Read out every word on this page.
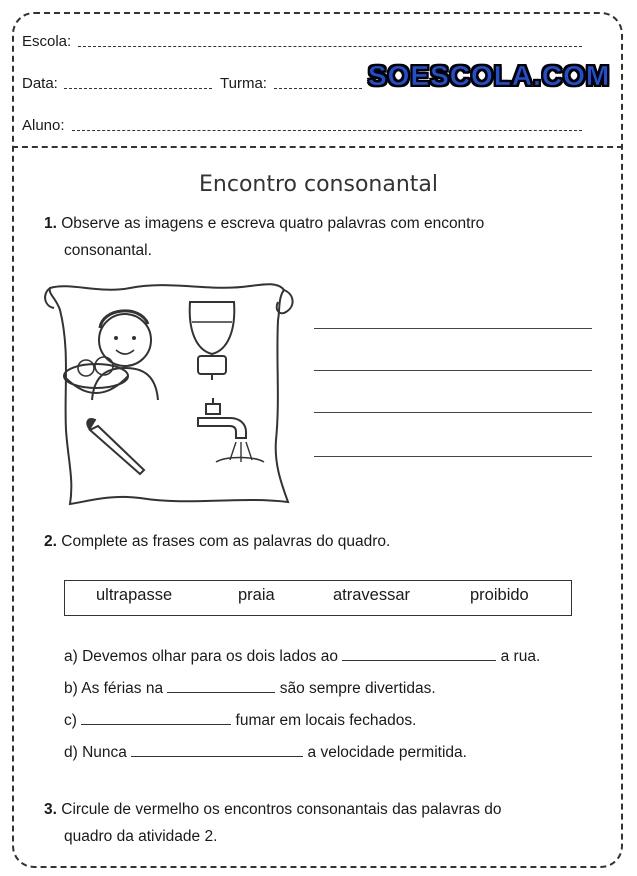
Escola:
Data:	Turma:	SOESCOLA.COM
Aluno:
Encontro consonantal
1. Observe as imagens e escreva quatro palavras com encontro
consonantal.
2. Complete as frases com as palavras do quadro.
ultrapasse	praia	atravessar	proibido
a) Devemos olhar para os dois lados ao	a rua.
b) As férias na	são sempre divertidas.
c)	fumar em locais fechados.
d) Nunca	a velocidade permitida.
3. Circule de vermelho os encontros consonantais das palavras do
quadro da atividade 2.
